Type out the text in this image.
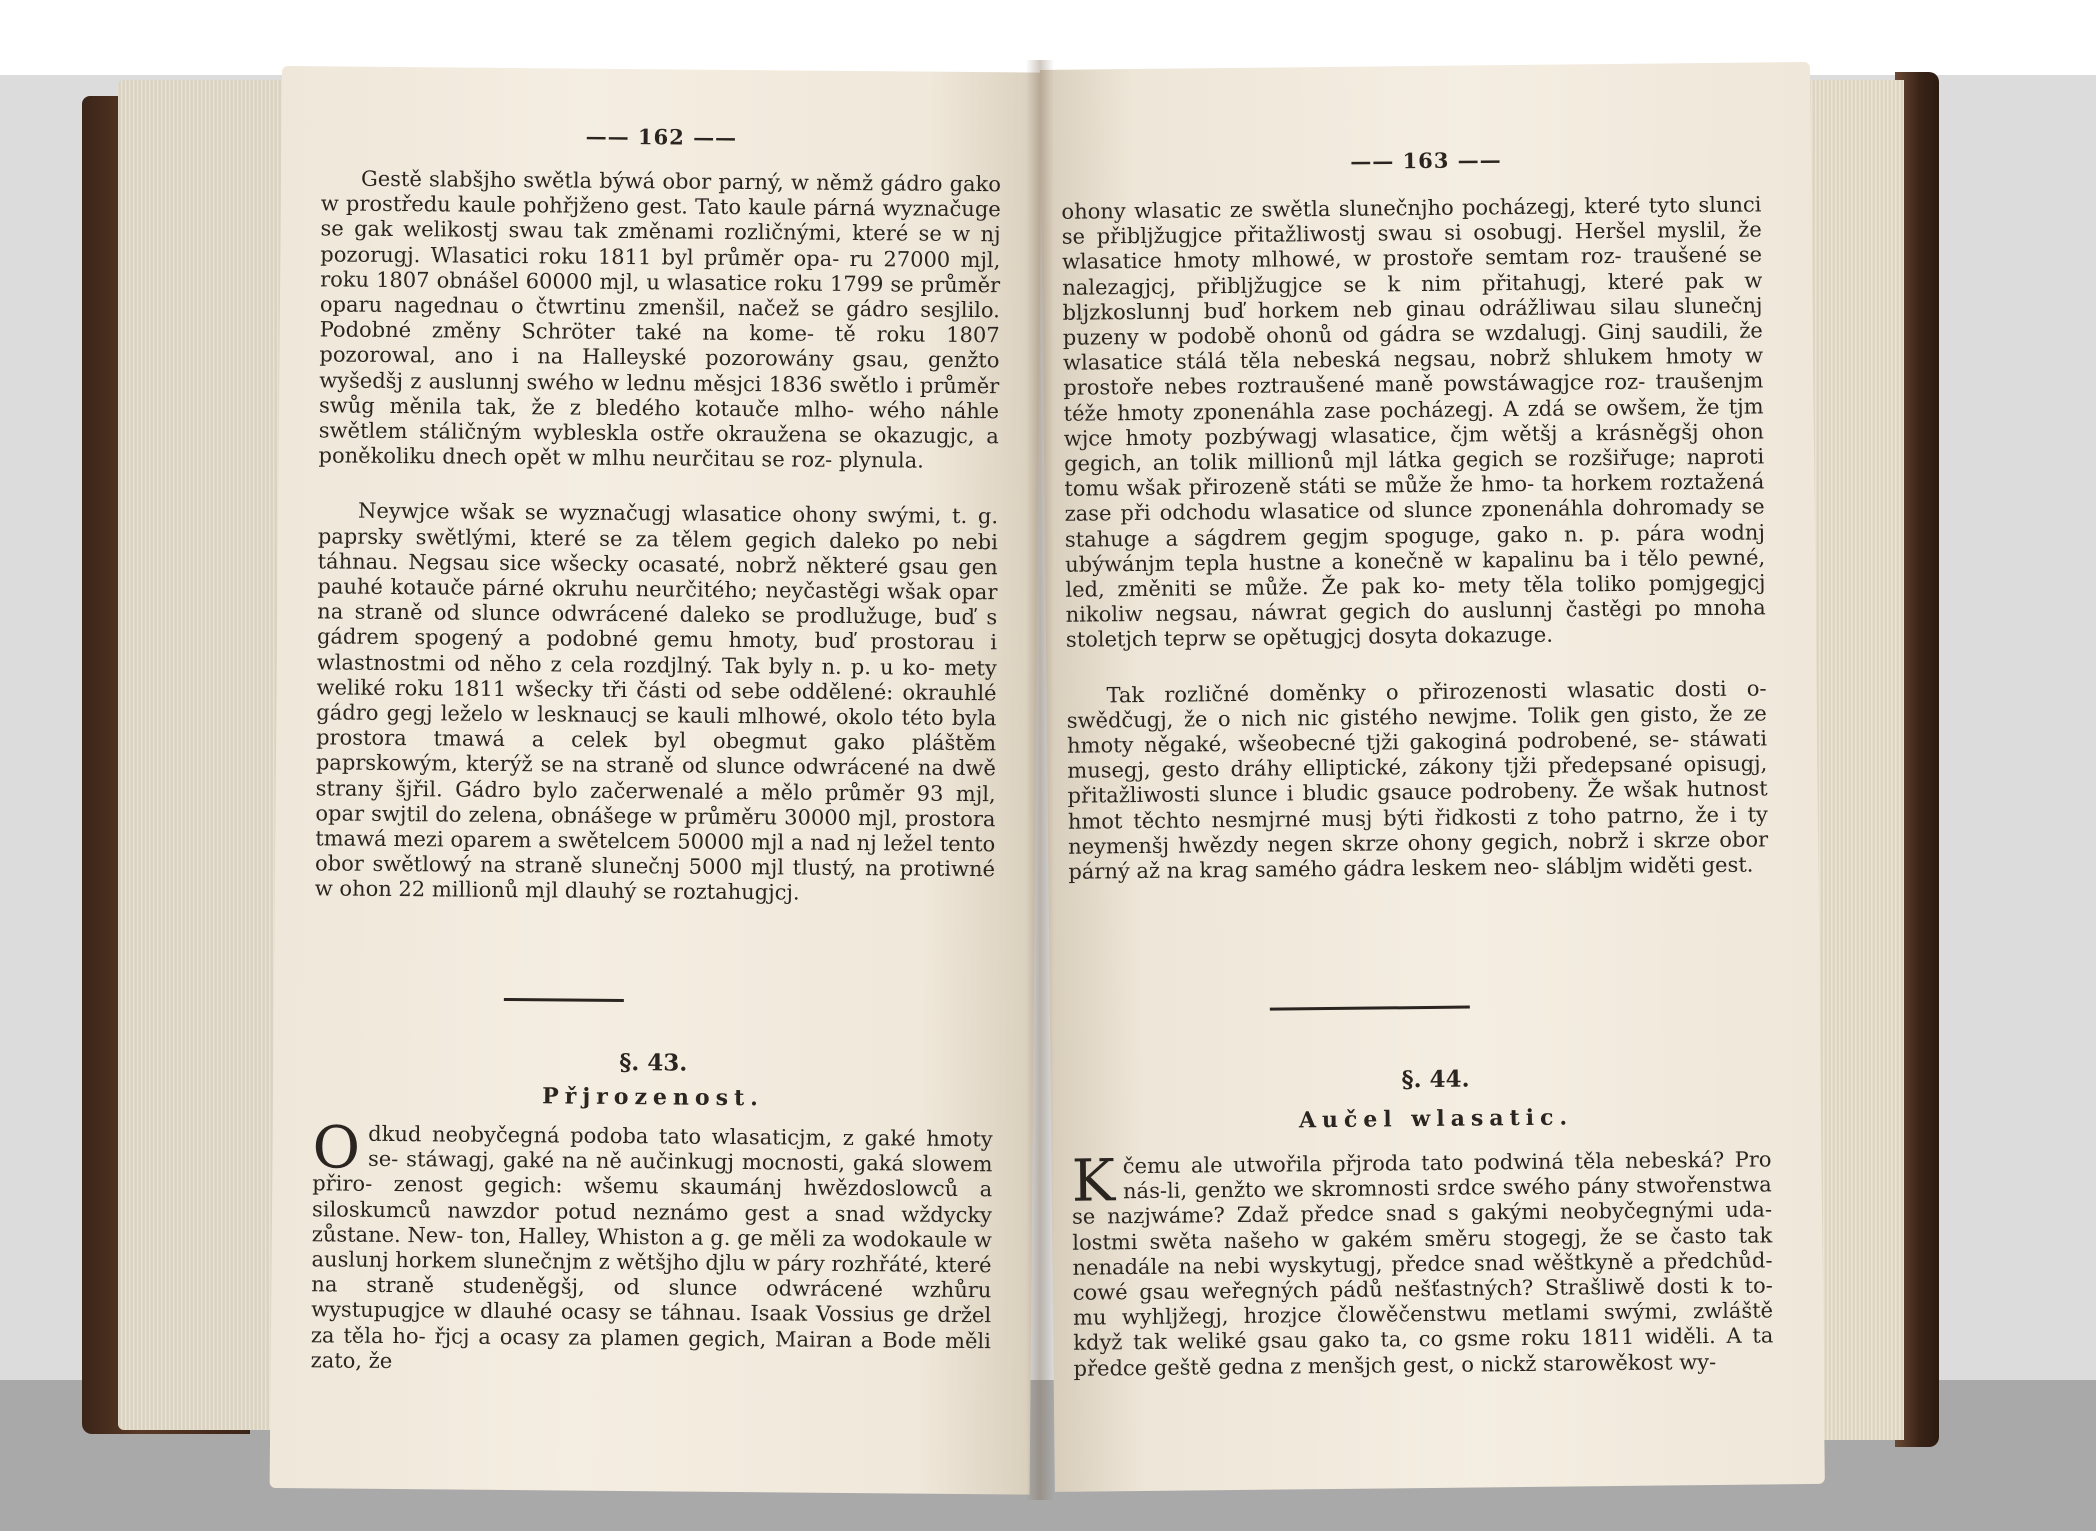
—— 162 ——

Gestě slabšjho swětla býwá obor parný, w němž gádro gako w prostředu kaule pohřjženo gest. Tato kaule párná wyznačuge se gak welikostj swau tak změnami rozličnými, které se w nj pozorugj. Wlasatici roku 1811 byl průměr opa- ru 27000 mjl, roku 1807 obnášel 60000 mjl, u wlasatice roku 1799 se průměr oparu nagednau o čtwrtinu zmenšil, načež se gádro sesjlilo. Podobné změny Schröter také na kome- tě roku 1807 pozorowal, ano i na Halleyské pozorowány gsau, genžto wyšedšj z auslunnj swého w lednu měsjci 1836 swětlo i průměr swůg měnila tak, že z bledého kotauče mlho- wého náhle swětlem stáličným wybleskla ostře okraužena se okazugjc, a poněkoliku dnech opět w mlhu neurčitau se roz- plynula.

Neywjce wšak se wyznačugj wlasatice ohony swými, t. g. paprsky swětlými, které se za tělem gegich daleko po nebi táhnau. Negsau sice wšecky ocasaté, nobrž některé gsau gen pauhé kotauče párné okruhu neurčitého; neyčastěgi wšak opar na straně od slunce odwrácené daleko se prodlužuge, buď s gádrem spogený a podobné gemu hmoty, buď prostorau i wlastnostmi od něho z cela rozdjlný. Tak byly n. p. u ko- mety weliké roku 1811 wšecky tři části od sebe oddělené: okrauhlé gádro gegj leželo w lesknaucj se kauli mlhowé, okolo této byla prostora tmawá a celek byl obegmut gako pláštěm paprskowým, kterýž se na straně od slunce odwrácené na dwě strany šjřil. Gádro bylo začerwenalé a mělo průměr 93 mjl, opar swjtil do zelena, obnášege w průměru 30000 mjl, prostora tmawá mezi oparem a swětelcem 50000 mjl a nad nj ležel tento obor swětlowý na straně slunečnj 5000 mjl tlustý, na protiwné w ohon 22 millionů mjl dlauhý se roztahugjcj.

§. 43.
Přjrozenost.
Odkud neobyčegná podoba tato wlasaticjm, z gaké hmoty se- stáwagj, gaké na ně aučinkugj mocnosti, gaká slowem přiro- zenost gegich: wšemu skaumánj hwězdoslowců a siloskumců nawzdor potud neznámo gest a snad wždycky zůstane. New- ton, Halley, Whiston a g. ge měli za wodokaule w auslunj horkem slunečnjm z wětšjho djlu w páry rozhřáté, které na straně studeněgšj, od slunce odwrácené wzhůru wystupugjce w dlauhé ocasy se táhnau. Isaak Vossius ge držel za těla ho- řjcj a ocasy za plamen gegich, Mairan a Bode měli zato, že
—— 163 ——

ohony wlasatic ze swětla slunečnjho pocházegj, které tyto slunci se přibljžugjce přitažliwostj swau si osobugj. Heršel myslil, že wlasatice hmoty mlhowé, w prostoře semtam roz- traušené se nalezagjcj, přibljžugjce se k nim přitahugj, které pak w bljzkoslunnj buď horkem neb ginau odrážliwau silau slunečnj puzeny w podobě ohonů od gádra se wzdalugj. Ginj saudili, že wlasatice stálá těla nebeská negsau, nobrž shlukem hmoty w prostoře nebes roztraušené maně powstáwagjce roz- traušenjm téže hmoty zponenáhla zase pocházegj. A zdá se owšem, že tjm wjce hmoty pozbýwagj wlasatice, čjm wětšj a krásněgšj ohon gegich, an tolik millionů mjl látka gegich se rozšiřuge; naproti tomu wšak přirozeně státi se může že hmo- ta horkem roztažená zase při odchodu wlasatice od slunce zponenáhla dohromady se stahuge a ságdrem gegjm spoguge, gako n. p. pára wodnj ubýwánjm tepla hustne a konečně w kapalinu ba i tělo pewné, led, změniti se může. Že pak ko- mety těla toliko pomjgegjcj nikoliw negsau, náwrat gegich do auslunnj častěgi po mnoha stoletjch teprw se opětugjcj dosyta dokazuge.

Tak rozličné doměnky o přirozenosti wlasatic dosti o- swědčugj, že o nich nic gistého newjme. Tolik gen gisto, že ze hmoty něgaké, wšeobecné tjži gakoginá podrobené, se- stáwati musegj, gesto dráhy elliptické, zákony tjži předepsané opisugj, přitažliwosti slunce i bludic gsauce podrobeny. Že wšak hutnost hmot těchto nesmjrné musj býti řidkosti z toho patrno, že i ty neymenšj hwězdy negen skrze ohony gegich, nobrž i skrze obor párný až na krag samého gádra leskem neo- slábljm widěti gest.

§. 44.
Aučel wlasatic.
Kčemu ale utwořila přjroda tato podwiná těla nebeská? Pro nás-li, genžto we skromnosti srdce swého pány stwořenstwa se nazjwáme? Zdaž předce snad s gakými neobyčegnými uda- lostmi swěta našeho w gakém směru stogegj, že se často tak nenadále na nebi wyskytugj, předce snad wěštkyně a předchůd- cowé gsau weřegných pádů nešťastných? Strašliwě dosti k to- mu wyhljžegj, hrozjce člowěčenstwu metlami swými, zwláště když tak weliké gsau gako ta, co gsme roku 1811 widěli. A ta předce geště gedna z menšjch gest, o nickž starowěkost wy-
